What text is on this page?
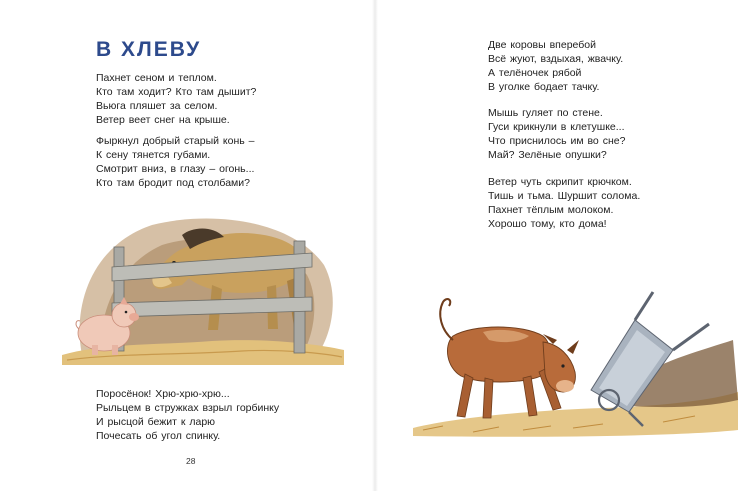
В ХЛЕВУ
Пахнет сеном и теплом.
Кто там ходит? Кто там дышит?
Вьюга пляшет за селом.
Ветер веет снег на крыше.
Фыркнул добрый старый конь –
К сену тянется губами.
Смотрит вниз, в глазу – огонь...
Кто там бродит под столбами?
Поросёнок! Хрю-хрю-хрю...
Рыльцем в стружках взрыл горбинку
И рысцой бежит к ларю
Почесать об угол спинку.
28
Две коровы вперебой
Всё жуют, вздыхая, жвачку.
А телёночек рябой
В уголке бодает тачку.
Мышь гуляет по стене.
Гуси крикнули в клетушке...
Что приснилось им во сне?
Май? Зелёные опушки?
Ветер чуть скрипит крючком.
Тишь и тьма. Шуршит солома.
Пахнет тёплым молоком.
Хорошо тому, кто дома!
